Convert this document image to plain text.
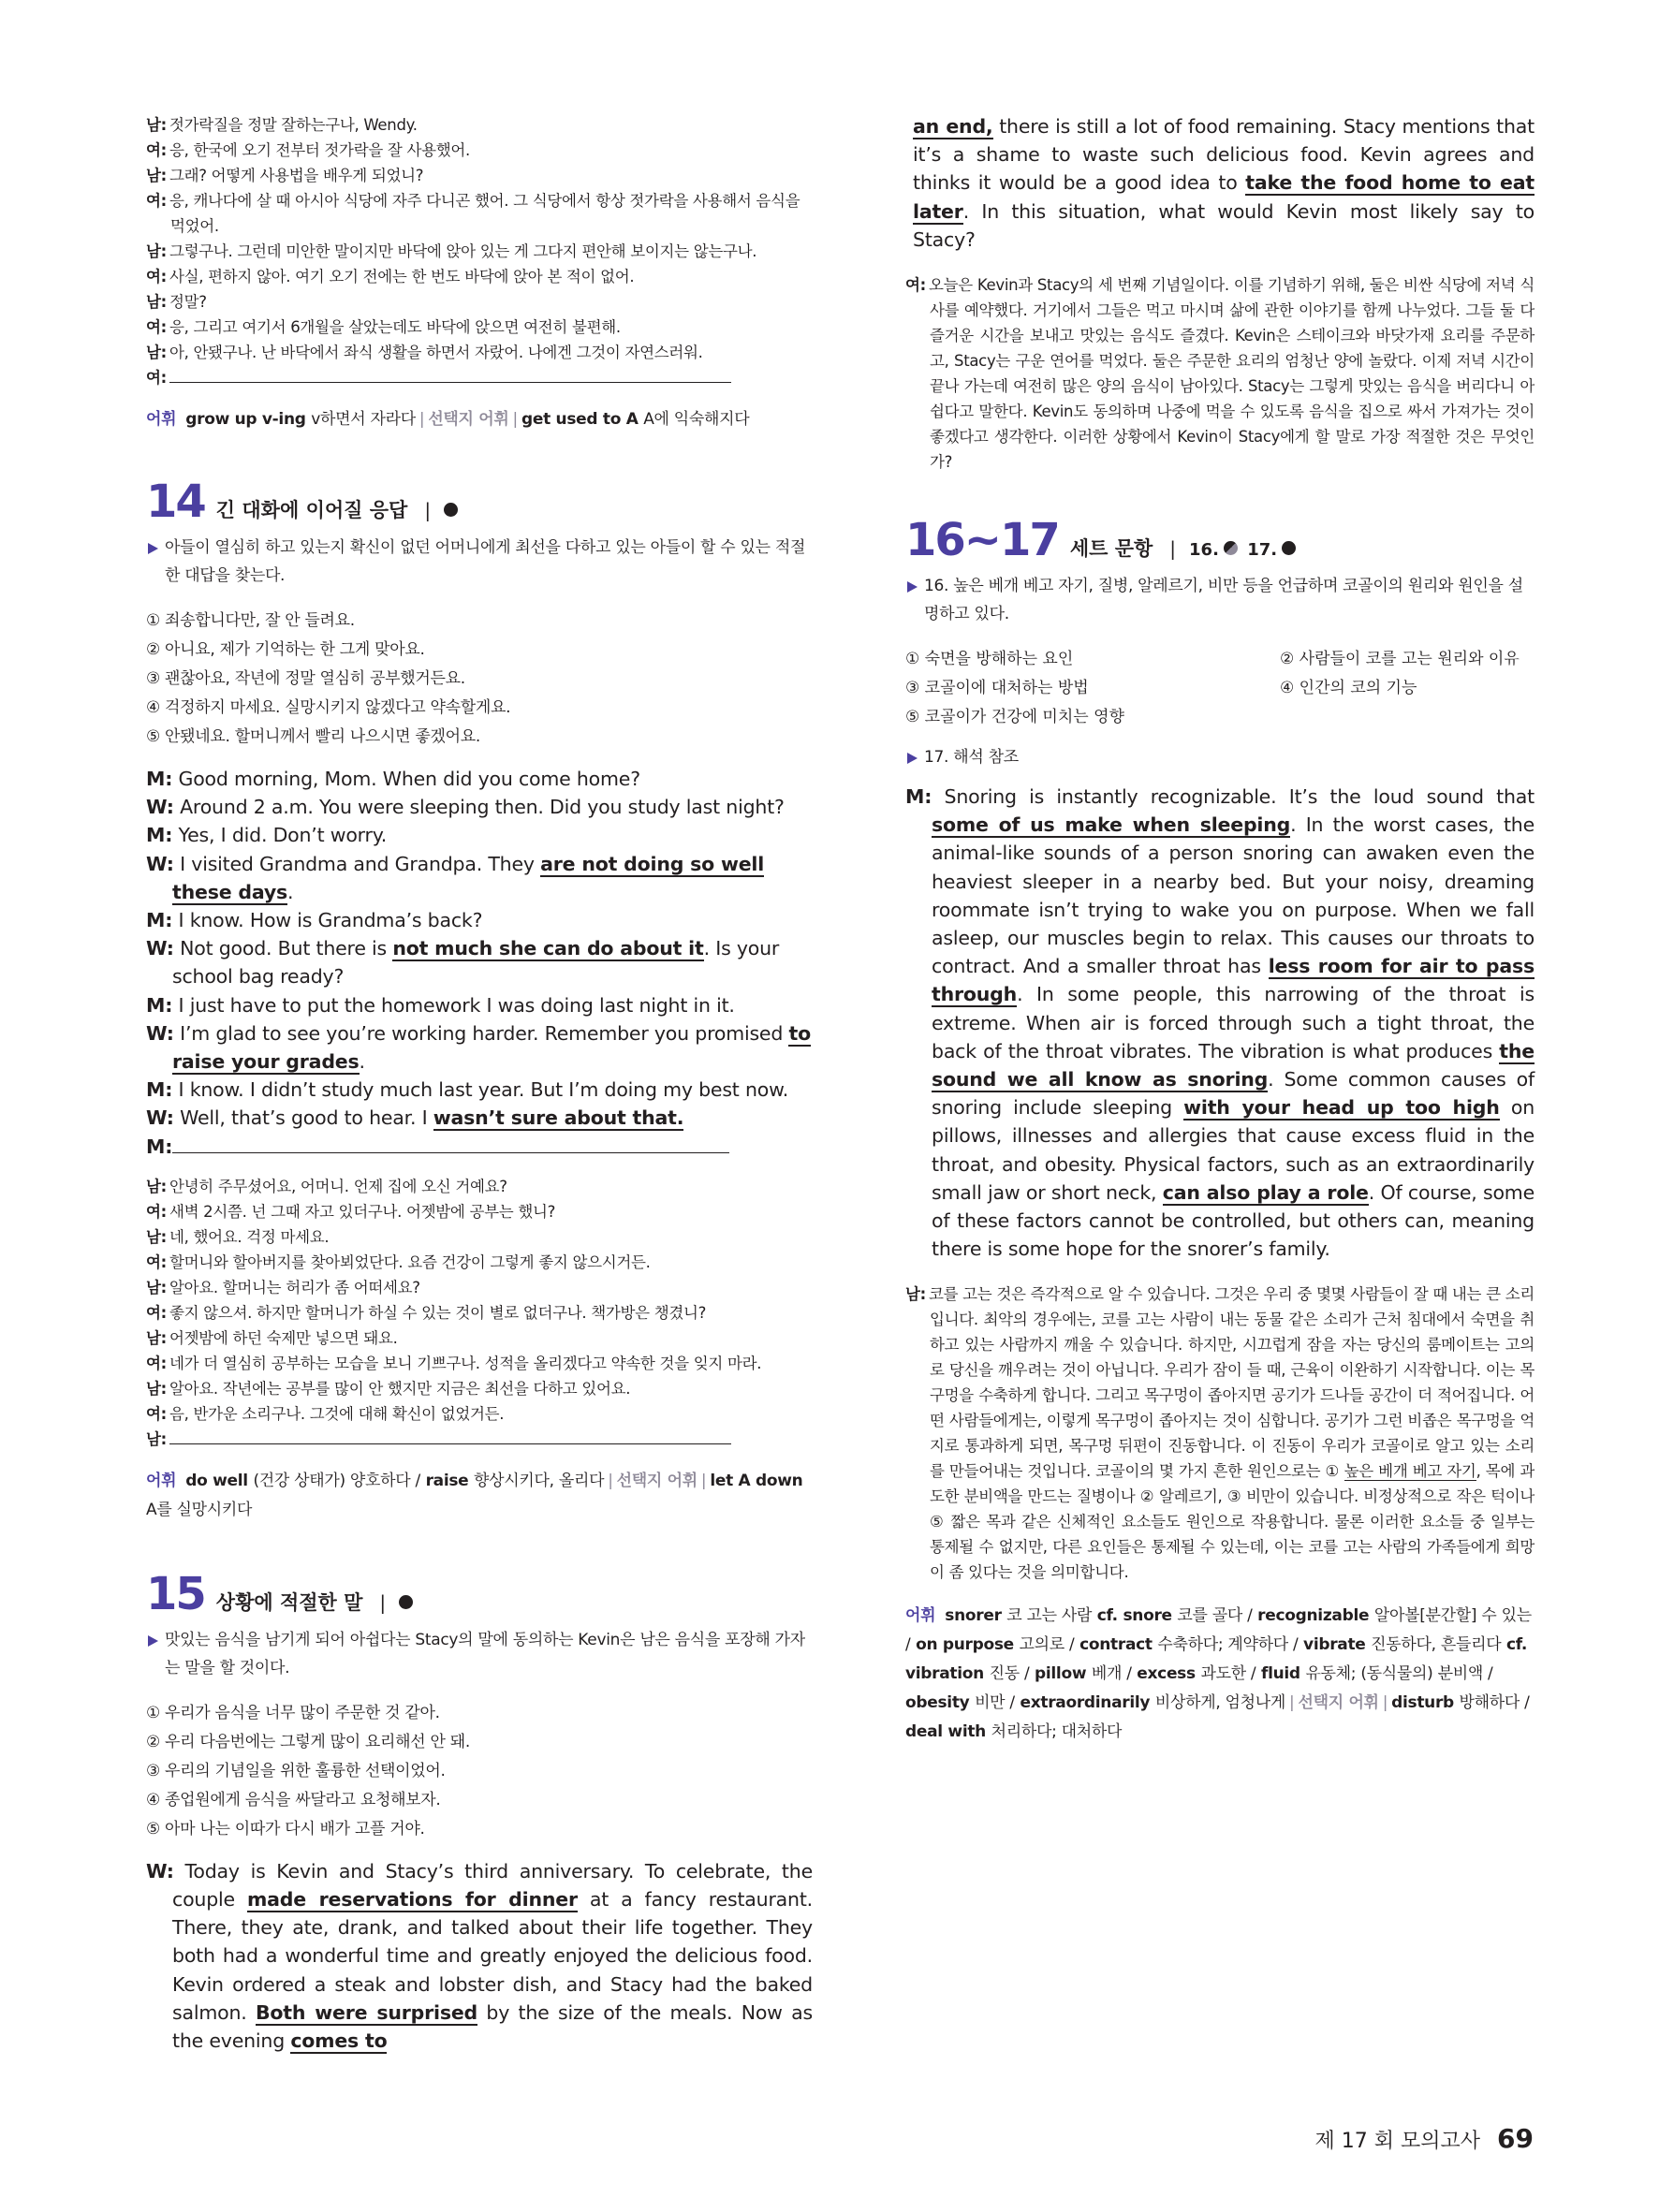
남: 젓가락질을 정말 잘하는구나, Wendy.
여: 응, 한국에 오기 전부터 젓가락을 잘 사용했어.
남: 그래? 어떻게 사용법을 배우게 되었니?
여: 응, 캐나다에 살 때 아시아 식당에 자주 다니곤 했어. 그 식당에서 항상 젓가락을 사용해서 음식을 먹었어.
남: 그렇구나. 그런데 미안한 말이지만 바닥에 앉아 있는 게 그다지 편안해 보이지는 않는구나.
여: 사실, 편하지 않아. 여기 오기 전에는 한 번도 바닥에 앉아 본 적이 없어.
남: 정말?
여: 응, 그리고 여기서 6개월을 살았는데도 바닥에 앉으면 여전히 불편해.
남: 아, 안됐구나. 난 바닥에서 좌식 생활을 하면서 자랐어. 나에겐 그것이 자연스러워.
여:
어휘 grow up v-ing v하면서 자라다 | 선택지 어휘 | get used to A A에 익숙해지다
14 긴 대화에 이어질 응답 |
아들이 열심히 하고 있는지 확신이 없던 어머니에게 최선을 다하고 있는 아들이 할 수 있는 적절한 대답을 찾는다.
① 죄송합니다만, 잘 안 들려요.
② 아니요, 제가 기억하는 한 그게 맞아요.
③ 괜찮아요, 작년에 정말 열심히 공부했거든요.
④ 걱정하지 마세요. 실망시키지 않겠다고 약속할게요.
⑤ 안됐네요. 할머니께서 빨리 나으시면 좋겠어요.
M: Good morning, Mom. When did you come home?
W: Around 2 a.m. You were sleeping then. Did you study last night?
M: Yes, I did. Don’t worry.
W: I visited Grandma and Grandpa. They are not doing so well these days.
M: I know. How is Grandma’s back?
W: Not good. But there is not much she can do about it. Is your school bag ready?
M: I just have to put the homework I was doing last night in it.
W: I’m glad to see you’re working harder. Remember you promised to raise your grades.
M: I know. I didn’t study much last year. But I’m doing my best now.
W: Well, that’s good to hear. I wasn’t sure about that.
M:
남: 안녕히 주무셨어요, 어머니. 언제 집에 오신 거예요?
여: 새벽 2시쯤. 넌 그때 자고 있더구나. 어젯밤에 공부는 했니?
남: 네, 했어요. 걱정 마세요.
여: 할머니와 할아버지를 찾아뵈었단다. 요즘 건강이 그렇게 좋지 않으시거든.
남: 알아요. 할머니는 허리가 좀 어떠세요?
여: 좋지 않으셔. 하지만 할머니가 하실 수 있는 것이 별로 없더구나. 책가방은 챙겼니?
남: 어젯밤에 하던 숙제만 넣으면 돼요.
여: 네가 더 열심히 공부하는 모습을 보니 기쁘구나. 성적을 올리겠다고 약속한 것을 잊지 마라.
남: 알아요. 작년에는 공부를 많이 안 했지만 지금은 최선을 다하고 있어요.
여: 음, 반가운 소리구나. 그것에 대해 확신이 없었거든.
남:
어휘 do well (건강 상태가) 양호하다 / raise 향상시키다, 올리다 | 선택지 어휘 | let A down A를 실망시키다
15 상황에 적절한 말 |
맛있는 음식을 남기게 되어 아쉽다는 Stacy의 말에 동의하는 Kevin은 남은 음식을 포장해 가자는 말을 할 것이다.
① 우리가 음식을 너무 많이 주문한 것 같아.
② 우리 다음번에는 그렇게 많이 요리해선 안 돼.
③ 우리의 기념일을 위한 훌륭한 선택이었어.
④ 종업원에게 음식을 싸달라고 요청해보자.
⑤ 아마 나는 이따가 다시 배가 고플 거야.
W: Today is Kevin and Stacy’s third anniversary. To celebrate, the couple made reservations for dinner at a fancy restaurant. There, they ate, drank, and talked about their life together. They both had a wonderful time and greatly enjoyed the delicious food. Kevin ordered a steak and lobster dish, and Stacy had the baked salmon. Both were surprised by the size of the meals. Now as the evening comes to
an end, there is still a lot of food remaining. Stacy mentions that it’s a shame to waste such delicious food. Kevin agrees and thinks it would be a good idea to take the food home to eat later. In this situation, what would Kevin most likely say to Stacy?
여: 오늘은 Kevin과 Stacy의 세 번째 기념일이다. 이를 기념하기 위해, 둘은 비싼 식당에 저녁 식사를 예약했다. 거기에서 그들은 먹고 마시며 삶에 관한 이야기를 함께 나누었다. 그들 둘 다 즐거운 시간을 보내고 맛있는 음식도 즐겼다. Kevin은 스테이크와 바닷가재 요리를 주문하고, Stacy는 구운 연어를 먹었다. 둘은 주문한 요리의 엄청난 양에 놀랐다. 이제 저녁 시간이 끝나 가는데 여전히 많은 양의 음식이 남아있다. Stacy는 그렇게 맛있는 음식을 버리다니 아쉽다고 말한다. Kevin도 동의하며 나중에 먹을 수 있도록 음식을 집으로 싸서 가져가는 것이 좋겠다고 생각한다. 이러한 상황에서 Kevin이 Stacy에게 할 말로 가장 적절한 것은 무엇인가?
16~17 세트 문항 | 16.

17.

16. 높은 베개 베고 자기, 질병, 알레르기, 비만 등을 언급하며 코골이의 원리와 원인을 설명하고 있다.
① 숙면을 방해하는 요인	② 사람들이 코를 고는 원리와 이유
③ 코골이에 대처하는 방법	④ 인간의 코의 기능
⑤ 코골이가 건강에 미치는 영향
17. 해석 참조
M: Snoring is instantly recognizable. It’s the loud sound that some of us make when sleeping. In the worst cases, the animal-like sounds of a person snoring can awaken even the heaviest sleeper in a nearby bed. But your noisy, dreaming roommate isn’t trying to wake you on purpose. When we fall asleep, our muscles begin to relax. This causes our throats to contract. And a smaller throat has less room for air to pass through. In some people, this narrowing of the throat is extreme. When air is forced through such a tight throat, the back of the throat vibrates. The vibration is what produces the sound we all know as snoring. Some common causes of snoring include sleeping with your head up too high on pillows, illnesses and allergies that cause excess fluid in the throat, and obesity. Physical factors, such as an extraordinarily small jaw or short neck, can also play a role. Of course, some of these factors cannot be controlled, but others can, meaning there is some hope for the snorer’s family.
남: 코를 고는 것은 즉각적으로 알 수 있습니다. 그것은 우리 중 몇몇 사람들이 잘 때 내는 큰 소리입니다. 최악의 경우에는, 코를 고는 사람이 내는 동물 같은 소리가 근처 침대에서 숙면을 취하고 있는 사람까지 깨울 수 있습니다. 하지만, 시끄럽게 잠을 자는 당신의 룸메이트는 고의로 당신을 깨우려는 것이 아닙니다. 우리가 잠이 들 때, 근육이 이완하기 시작합니다. 이는 목구멍을 수축하게 합니다. 그리고 목구멍이 좁아지면 공기가 드나들 공간이 더 적어집니다. 어떤 사람들에게는, 이렇게 목구멍이 좁아지는 것이 심합니다. 공기가 그런 비좁은 목구멍을 억지로 통과하게 되면, 목구멍 뒤편이 진동합니다. 이 진동이 우리가 코골이로 알고 있는 소리를 만들어내는 것입니다. 코골이의 몇 가지 흔한 원인으로는 ① 높은 베개 베고 자기, 목에 과도한 분비액을 만드는 질병이나 ② 알레르기, ③ 비만이 있습니다. 비정상적으로 작은 턱이나 ⑤ 짧은 목과 같은 신체적인 요소들도 원인으로 작용합니다. 물론 이러한 요소들 중 일부는 통제될 수 없지만, 다른 요인들은 통제될 수 있는데, 이는 코를 고는 사람의 가족들에게 희망이 좀 있다는 것을 의미합니다.
어휘 snorer 코 고는 사람 cf. snore 코를 골다 / recognizable 알아볼[분간할] 수 있는 / on purpose 고의로 / contract 수축하다; 계약하다 / vibrate 진동하다, 흔들리다 cf. vibration 진동 / pillow 베개 / excess 과도한 / fluid 유동체; (동식물의) 분비액 / obesity 비만 / extraordinarily 비상하게, 엄청나게 | 선택지 어휘 | disturb 방해하다 / deal with 처리하다; 대처하다
제 17 회 모의고사 69
